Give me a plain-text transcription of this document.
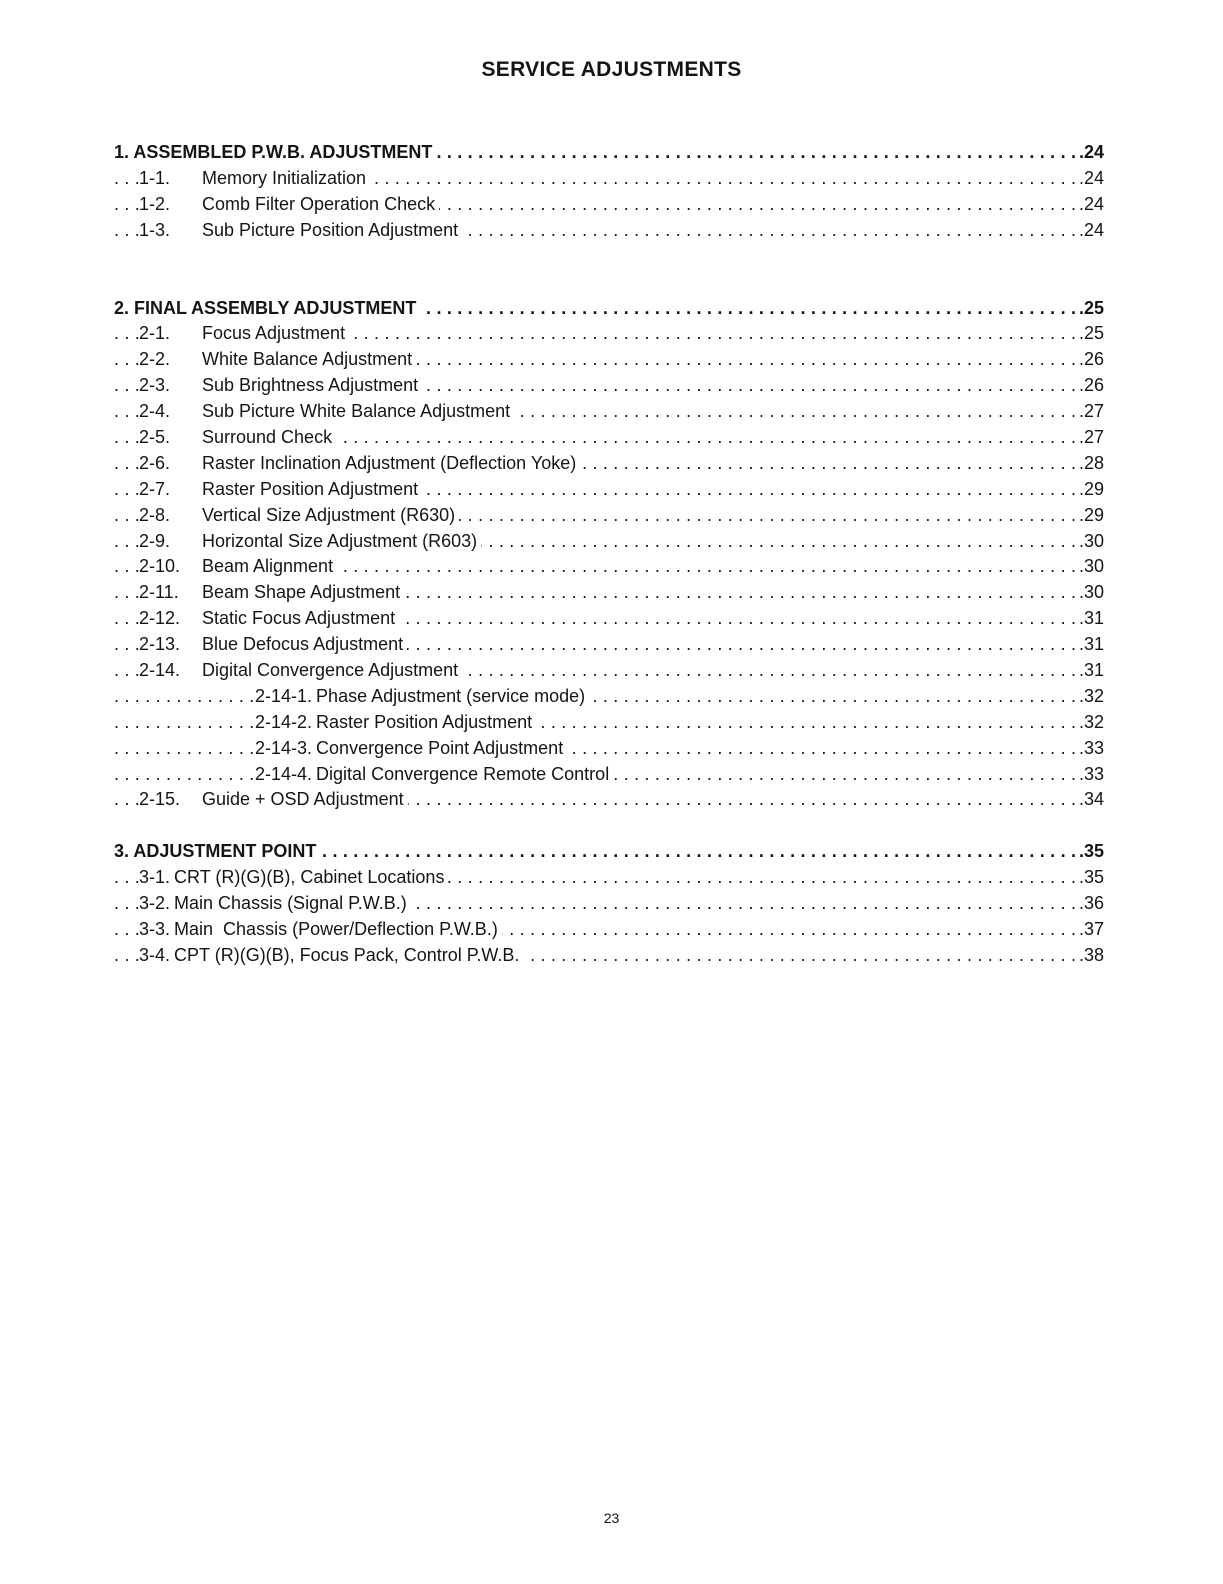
SERVICE ADJUSTMENTS
. . .
1. ASSEMBLED P.W.B. ADJUSTMENT	.24
. . .
1-1. Memory Initialization	.24
. . .
1-2. Comb Filter Operation Check	.24
. . .
1-3. Sub Picture Position Adjustment	.24
. . .
2. FINAL ASSEMBLY ADJUSTMENT	.25
. . .
2-1. Focus Adjustment	.25
. . .
2-2. White Balance Adjustment	.26
. . .
2-3. Sub Brightness Adjustment	.26
. . .
2-4. Sub Picture White Balance Adjustment	.27
. . .
2-5. Surround Check	.27
. . .
2-6. Raster Inclination Adjustment (Deflection Yoke)	.28
. . .
2-7. Raster Position Adjustment	.29
. . .
2-8. Vertical Size Adjustment (R630)	.29
. . .
2-9. Horizontal Size Adjustment (R603)	.30
. . .
2-10. Beam Alignment	.30
. . .
2-11. Beam Shape Adjustment	.30
. . .
2-12. Static Focus Adjustment	.31
. . .
2-13. Blue Defocus Adjustment	.31
. . .
2-14. Digital Convergence Adjustment	.31
. . .
2-14-1. Phase Adjustment (service mode)	.32
. . .
2-14-2. Raster Position Adjustment	.32
. . .
2-14-3. Convergence Point Adjustment	.33
. . .
2-14-4. Digital Convergence Remote Control	.33
. . .
2-15. Guide + OSD Adjustment	.34
. . .
3. ADJUSTMENT POINT	.35
. . .
3-1. CRT (R)(G)(B), Cabinet Locations	.35
. . .
3-2. Main Chassis (Signal P.W.B.)	.36
. . .
3-3. Main  Chassis (Power/Deflection P.W.B.)	.37
. . .
3-4. CPT (R)(G)(B), Focus Pack, Control P.W.B.	.38
23
